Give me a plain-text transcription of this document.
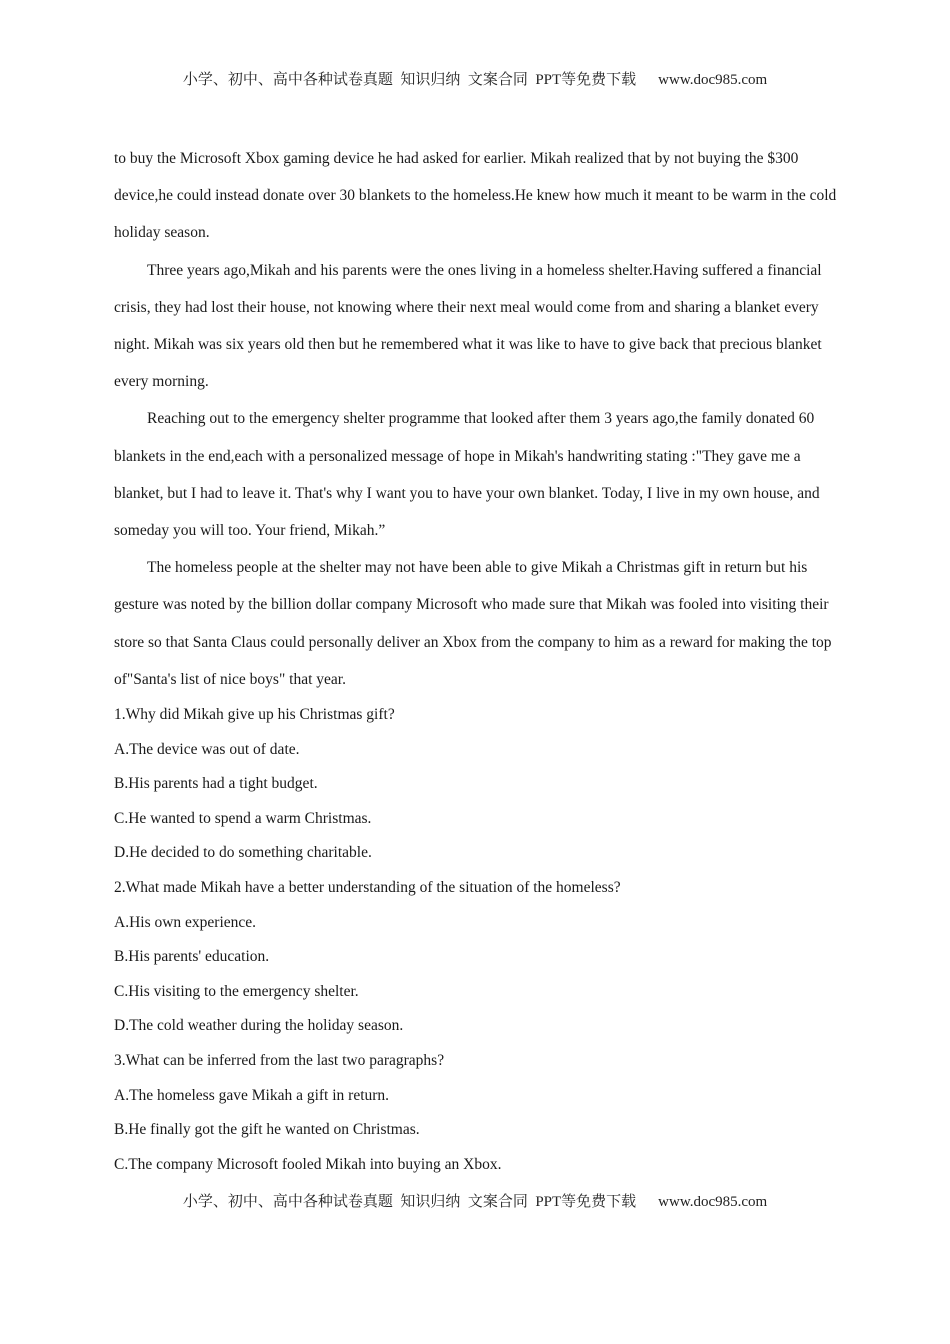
小学、初中、高中各种试卷真题  知识归纳  文案合同  PPT等免费下载 www.doc985.com

to buy the Microsoft Xbox gaming device he had asked for earlier. Mikah realized that by not buying the $300 device,he could instead donate over 30 blankets to the homeless.He knew how much it meant to be warm in the cold holiday season.

Three years ago,Mikah and his parents were the ones living in a homeless shelter.Having suffered a financial crisis, they had lost their house, not knowing where their next meal would come from and sharing a blanket every night. Mikah was six years old then but he remembered what it was like to have to give back that precious blanket every morning.

Reaching out to the emergency shelter programme that looked after them 3 years ago,the family donated 60 blankets in the end,each with a personalized message of hope in Mikah's handwriting stating :"They gave me a blanket, but I had to leave it. That's why I want you to have your own blanket. Today, I live in my own house, and someday you will too. Your friend, Mikah.”

The homeless people at the shelter may not have been able to give Mikah a Christmas gift in return but his gesture was noted by the billion dollar company Microsoft who made sure that Mikah was fooled into visiting their store so that Santa Claus could personally deliver an Xbox from the company to him as a reward for making the top of"Santa's list of nice boys" that year.

1.Why did Mikah give up his Christmas gift?

A.The device was out of date.

B.His parents had a tight budget.

C.He wanted to spend a warm Christmas.

D.He decided to do something charitable.

2.What made Mikah have a better understanding of the situation of the homeless?

A.His own experience.

B.His parents' education.

C.His visiting to the emergency shelter.

D.The cold weather during the holiday season.

3.What can be inferred from the last two paragraphs?

A.The homeless gave Mikah a gift in return.

B.He finally got the gift he wanted on Christmas.

C.The company Microsoft fooled Mikah into buying an Xbox.

小学、初中、高中各种试卷真题  知识归纳  文案合同  PPT等免费下载 www.doc985.com
